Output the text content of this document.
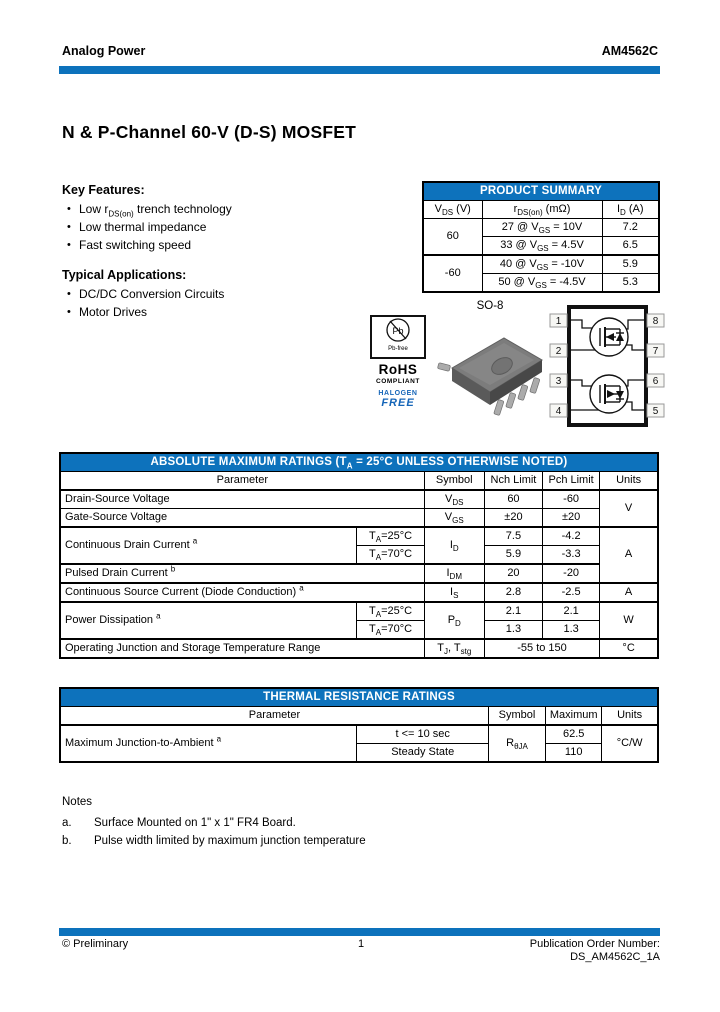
Analog Power	AM4562C
N & P-Channel 60-V (D-S) MOSFET
Key Features:
• Low $r_{DS(on)}$ trench technology
• Low thermal impedance
• Fast switching speed
Typical Applications:
• DC/DC Conversion Circuits
• Motor Drives
PRODUCT SUMMARY		
$V_{DS}$ (V)	$r_{DS(on)}$ (mΩ)	$I_D$ (A)
60	27 @ $V_{GS} = 10V$	7.2
	33 @ $V_{GS} = 4.5V$	6.5
-60	40 @ $V_{GS} = -10V$	5.9
	50 @ $V_{GS} = -4.5V$	5.3
SO-8
Pb
Pb-free
RoHS
COMPLIANT
HALOGEN
FREE
1
2
3
4
8
7
6
5
ABSOLUTE MAXIMUM RATINGS ($T_A = 25^\circ C$ UNLESS OTHERWISE NOTED)					
Parameter		Symbol	Nch Limit	Pch Limit	Units
Drain-Source Voltage		$V_{DS}$	60	-60	V
Gate-Source Voltage		$V_{GS}$	±20	±20	
Continuous Drain Current $^a$	$T_A=25^\circ C$	$I_D$	7.5	-4.2	A
	$T_A=70^\circ C$		5.9	-3.3	
Pulsed Drain Current $^b$		$I_{DM}$	20	-20	
Continuous Source Current (Diode Conduction) $^a$		$I_S$	2.8	-2.5	A
Power Dissipation $^a$	$T_A=25^\circ C$	$P_D$	2.1	2.1	W
	$T_A=70^\circ C$		1.3	1.3	
Operating Junction and Storage Temperature Range		$T_J$, $T_{stg}$	-55 to 150		°C
THERMAL RESISTANCE RATINGS				
Parameter		Symbol	Maximum	Units
Maximum Junction-to-Ambient $^a$	t <= 10 sec	$R_{\theta JA}$	62.5	°C/W
	Steady State		110	
Notes
a.	Surface Mounted on 1" x 1" FR4 Board.
b.	Pulse width limited by maximum junction temperature
© Preliminary	1	Publication Order Number:
DS_AM4562C_1A
